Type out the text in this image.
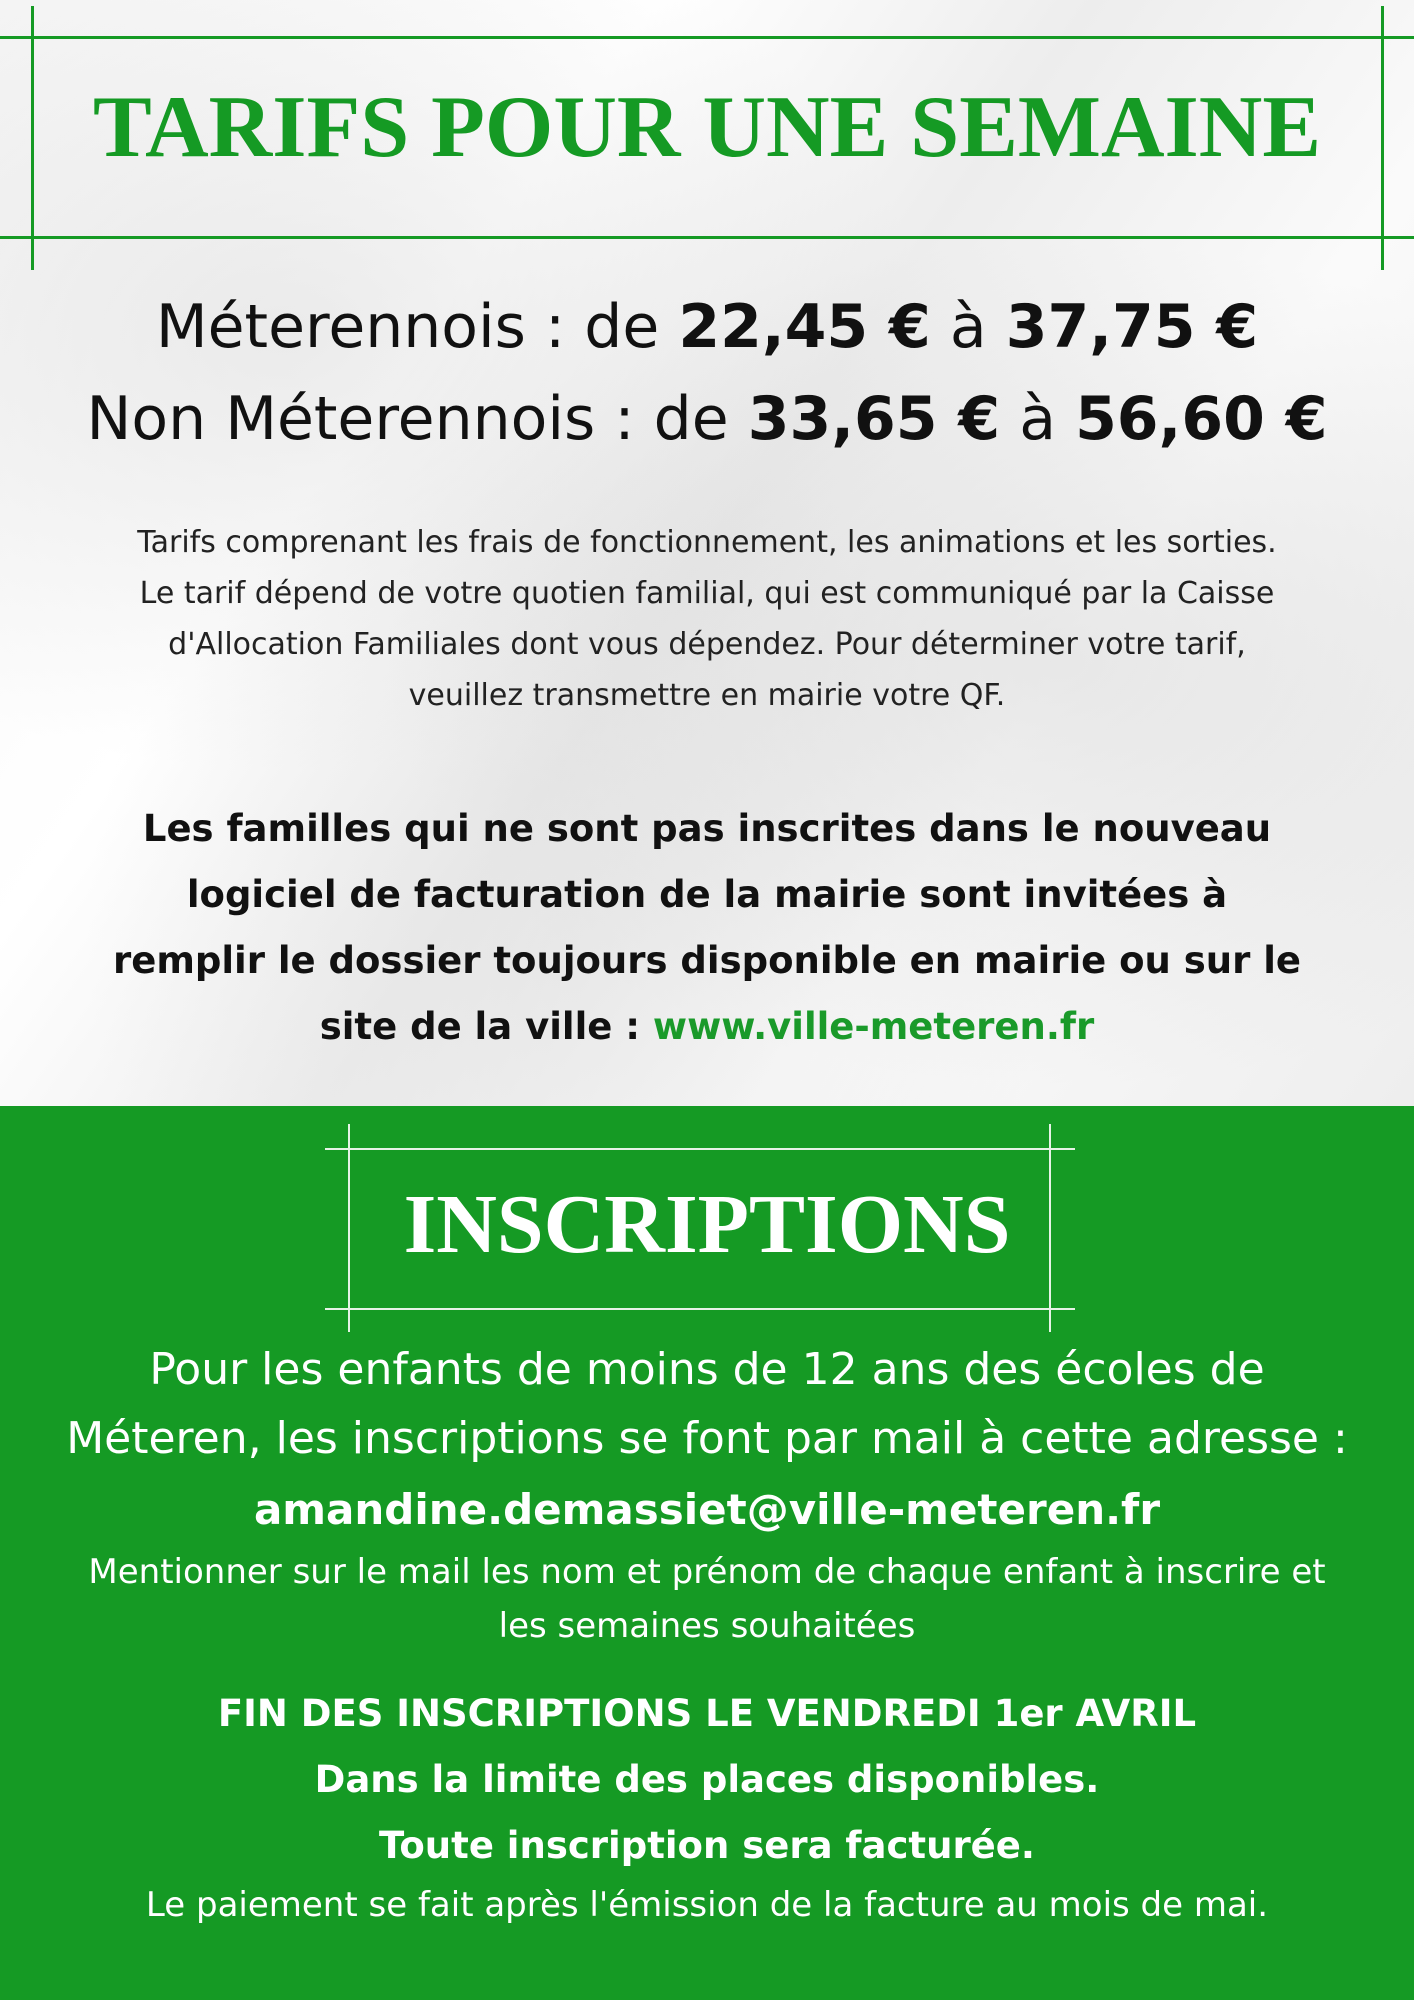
TARIFS POUR UNE SEMAINE
Méterennois : de 22,45 € à 37,75 €
Non Méterennois : de 33,65 € à 56,60 €
Tarifs comprenant les frais de fonctionnement, les animations et les sorties.
Le tarif dépend de votre quotien familial, qui est communiqué par la Caisse
d'Allocation Familiales dont vous dépendez. Pour déterminer votre tarif,
veuillez transmettre en mairie votre QF.
Les familles qui ne sont pas inscrites dans le nouveau
logiciel de facturation de la mairie sont invitées à
remplir le dossier toujours disponible en mairie ou sur le
site de la ville : www.ville-meteren.fr
INSCRIPTIONS
Pour les enfants de moins de 12 ans des écoles de
Méteren, les inscriptions se font par mail à cette adresse :
amandine.demassiet@ville-meteren.fr
Mentionner sur le mail les nom et prénom de chaque enfant à inscrire et
les semaines souhaitées
FIN DES INSCRIPTIONS LE VENDREDI 1er AVRIL
Dans la limite des places disponibles.
Toute inscription sera facturée.
Le paiement se fait après l'émission de la facture au mois de mai.
